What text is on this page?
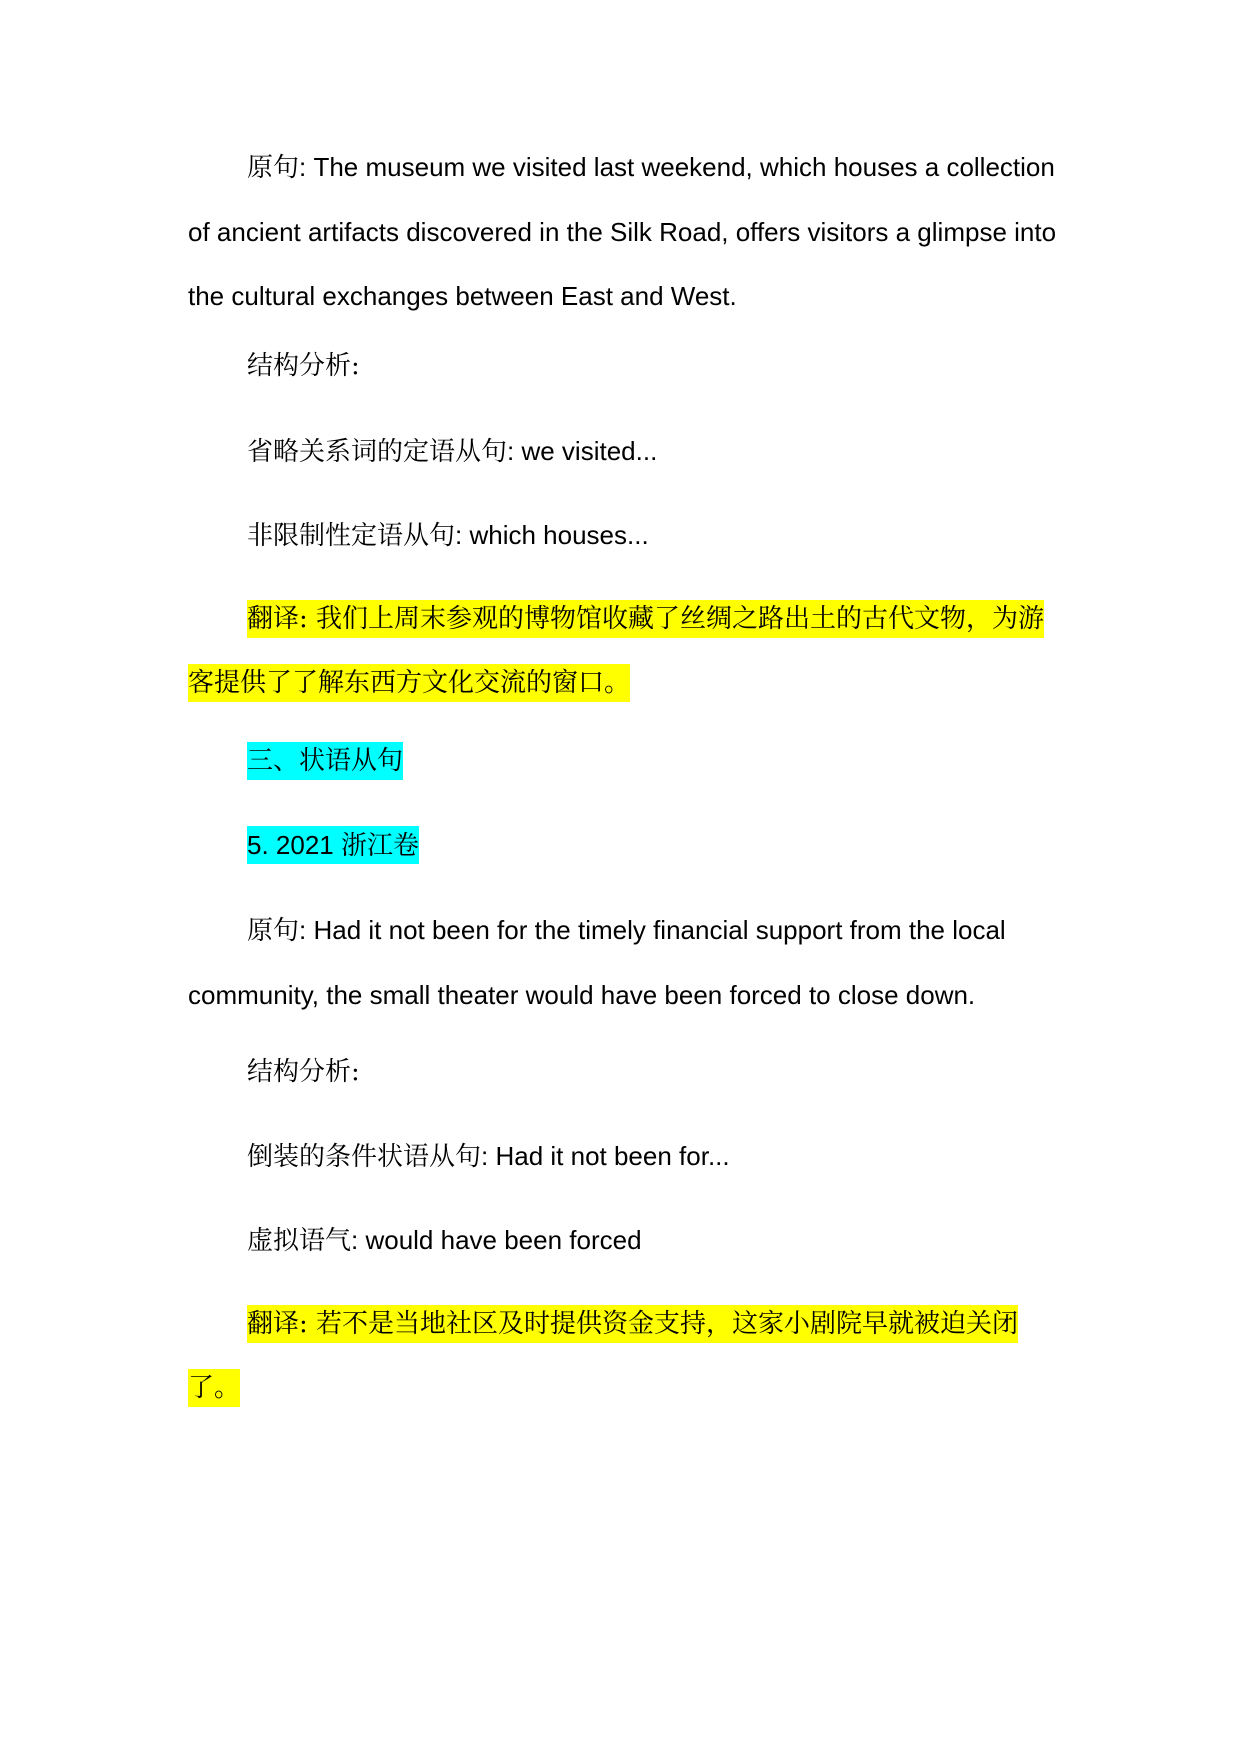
原句: The museum we visited last weekend, which houses a collection of ancient artifacts discovered in the Silk Road, offers visitors a glimpse into the cultural exchanges between East and West.

结构分析:

省略关系词的定语从句: we visited...

非限制性定语从句: which houses...

翻译: 我们上周末参观的博物馆收藏了丝绸之路出土的古代文物，为游客提供了了解东西方文化交流的窗口。

三、状语从句

5. 2021 浙江卷

原句: Had it not been for the timely financial support from the local community, the small theater would have been forced to close down.

结构分析:

倒装的条件状语从句: Had it not been for...

虚拟语气: would have been forced

翻译: 若不是当地社区及时提供资金支持，这家小剧院早就被迫关闭了。
